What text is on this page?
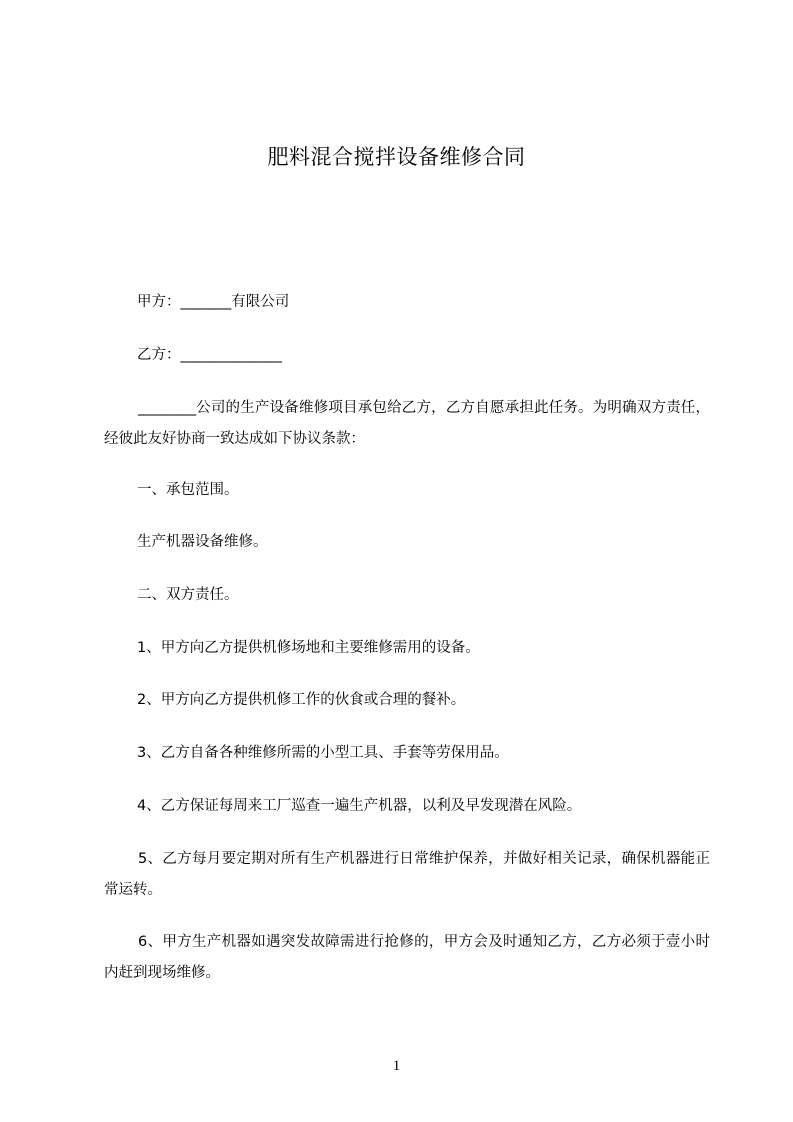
肥料混合搅拌设备维修合同
甲方：_______有限公司
乙方：______________
________公司的生产设备维修项目承包给乙方，乙方自愿承担此任务。为明确双方责任，经彼此友好协商一致达成如下协议条款：
一、承包范围。
生产机器设备维修。
二、双方责任。
1、甲方向乙方提供机修场地和主要维修需用的设备。
2、甲方向乙方提供机修工作的伙食或合理的餐补。
3、乙方自备各种维修所需的小型工具、手套等劳保用品。
4、乙方保证每周来工厂巡查一遍生产机器，以利及早发现潜在风险。
5、乙方每月要定期对所有生产机器进行日常维护保养，并做好相关记录，确保机器能正常运转。
6、甲方生产机器如遇突发故障需进行抢修的，甲方会及时通知乙方，乙方必须于壹小时内赶到现场维修。
1
